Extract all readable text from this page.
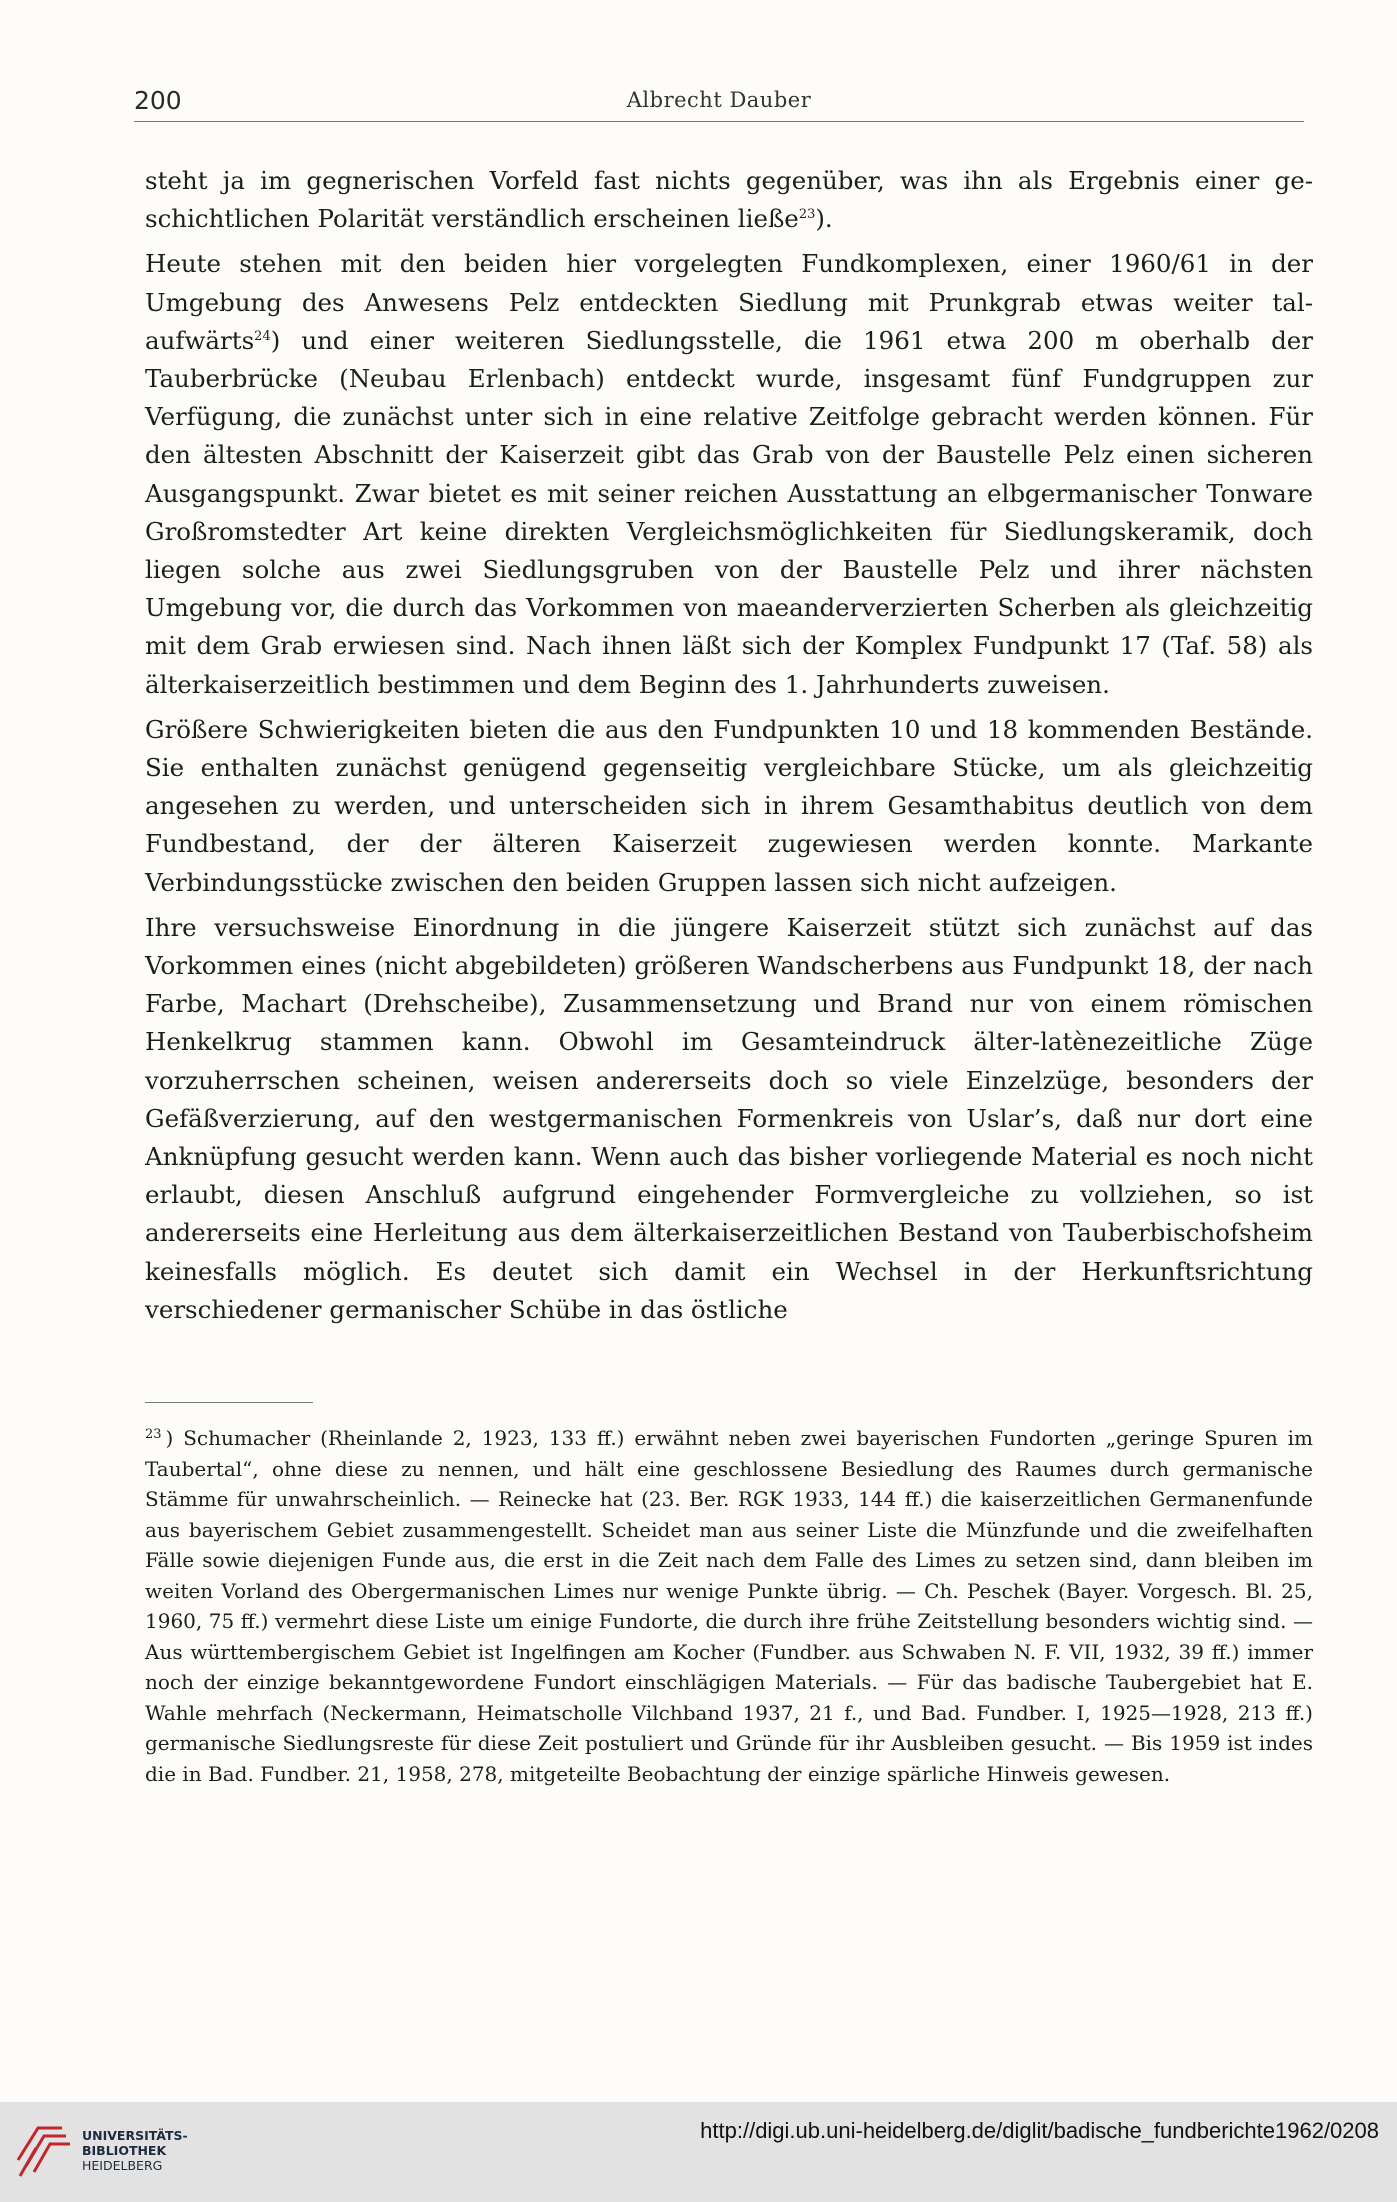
200	Albrecht Dauber

steht ja im gegnerischen Vorfeld fast nichts gegenüber, was ihn als Ergebnis einer geschichtlichen Polarität verständlich erscheinen ließe$^{23}$).

Heute stehen mit den beiden hier vorgelegten Fundkomplexen, einer 1960/61 in der Umgebung des Anwesens Pelz entdeckten Siedlung mit Prunkgrab etwas weiter talaufwärts$^{24}$) und einer weiteren Siedlungsstelle, die 1961 etwa 200 m oberhalb der Tauberbrücke (Neubau Erlenbach) entdeckt wurde, insgesamt fünf Fundgruppen zur Verfügung, die zunächst unter sich in eine relative Zeitfolge gebracht werden können. Für den ältesten Abschnitt der Kaiserzeit gibt das Grab von der Baustelle Pelz einen sicheren Ausgangspunkt. Zwar bietet es mit seiner reichen Ausstattung an elbgermanischer Tonware Großromstedter Art keine direkten Vergleichsmöglichkeiten für Siedlungskeramik, doch liegen solche aus zwei Siedlungsgruben von der Baustelle Pelz und ihrer nächsten Umgebung vor, die durch das Vorkommen von maeanderverzierten Scherben als gleichzeitig mit dem Grab erwiesen sind. Nach ihnen läßt sich der Komplex Fundpunkt 17 (Taf. 58) als älterkaiserzeitlich bestimmen und dem Beginn des 1. Jahrhunderts zuweisen.

Größere Schwierigkeiten bieten die aus den Fundpunkten 10 und 18 kommenden Bestände. Sie enthalten zunächst genügend gegenseitig vergleichbare Stücke, um als gleichzeitig angesehen zu werden, und unterscheiden sich in ihrem Gesamthabitus deutlich von dem Fundbestand, der der älteren Kaiserzeit zugewiesen werden konnte. Markante Verbindungsstücke zwischen den beiden Gruppen lassen sich nicht aufzeigen.

Ihre versuchsweise Einordnung in die jüngere Kaiserzeit stützt sich zunächst auf das Vorkommen eines (nicht abgebildeten) größeren Wandscherbens aus Fundpunkt 18, der nach Farbe, Machart (Drehscheibe), Zusammensetzung und Brand nur von einem römischen Henkelkrug stammen kann. Obwohl im Gesamteindruck älter-latènezeitliche Züge vorzuherrschen scheinen, weisen andererseits doch so viele Einzelzüge, besonders der Gefäßverzierung, auf den westgermanischen Formenkreis von Uslar’s, daß nur dort eine Anknüpfung gesucht werden kann. Wenn auch das bisher vorliegende Material es noch nicht erlaubt, diesen Anschluß aufgrund eingehender Formvergleiche zu vollziehen, so ist andererseits eine Herleitung aus dem älterkaiserzeitlichen Bestand von Tauberbischofsheim keinesfalls möglich. Es deutet sich damit ein Wechsel in der Herkunftsrichtung verschiedener germanischer Schübe in das östliche

$^{23}$ ) Schumacher (Rheinlande 2, 1923, 133 ff.) erwähnt neben zwei bayerischen Fundorten „geringe Spuren im Taubertal“, ohne diese zu nennen, und hält eine geschlossene Besiedlung des Raumes durch germanische Stämme für unwahrscheinlich. — Reinecke hat (23. Ber. RGK 1933, 144 ff.) die kaiserzeitlichen Germanenfunde aus bayerischem Gebiet zusammengestellt. Scheidet man aus seiner Liste die Münzfunde und die zweifelhaften Fälle sowie diejenigen Funde aus, die erst in die Zeit nach dem Falle des Limes zu setzen sind, dann bleiben im weiten Vorland des Obergermanischen Limes nur wenige Punkte übrig. — Ch. Peschek (Bayer. Vorgesch. Bl. 25, 1960, 75 ff.) vermehrt diese Liste um einige Fundorte, die durch ihre frühe Zeitstellung besonders wichtig sind. — Aus württembergischem Gebiet ist Ingelfingen am Kocher (Fundber. aus Schwaben N. F. VII, 1932, 39 ff.) immer noch der einzige bekanntgewordene Fundort einschlägigen Materials. — Für das badische Taubergebiet hat E. Wahle mehrfach (Neckermann, Heimatscholle Vilchband 1937, 21 f., und Bad. Fundber. I, 1925—1928, 213 ff.) germanische Siedlungsreste für diese Zeit postuliert und Gründe für ihr Ausbleiben gesucht. — Bis 1959 ist indes die in Bad. Fundber. 21, 1958, 278, mitgeteilte Beobachtung der einzige spärliche Hinweis gewesen.

UNIVERSITÄTS-
BIBLIOTHEK
HEIDELBERG
http://digi.ub.uni-heidelberg.de/diglit/badische_fundberichte1962/0208
